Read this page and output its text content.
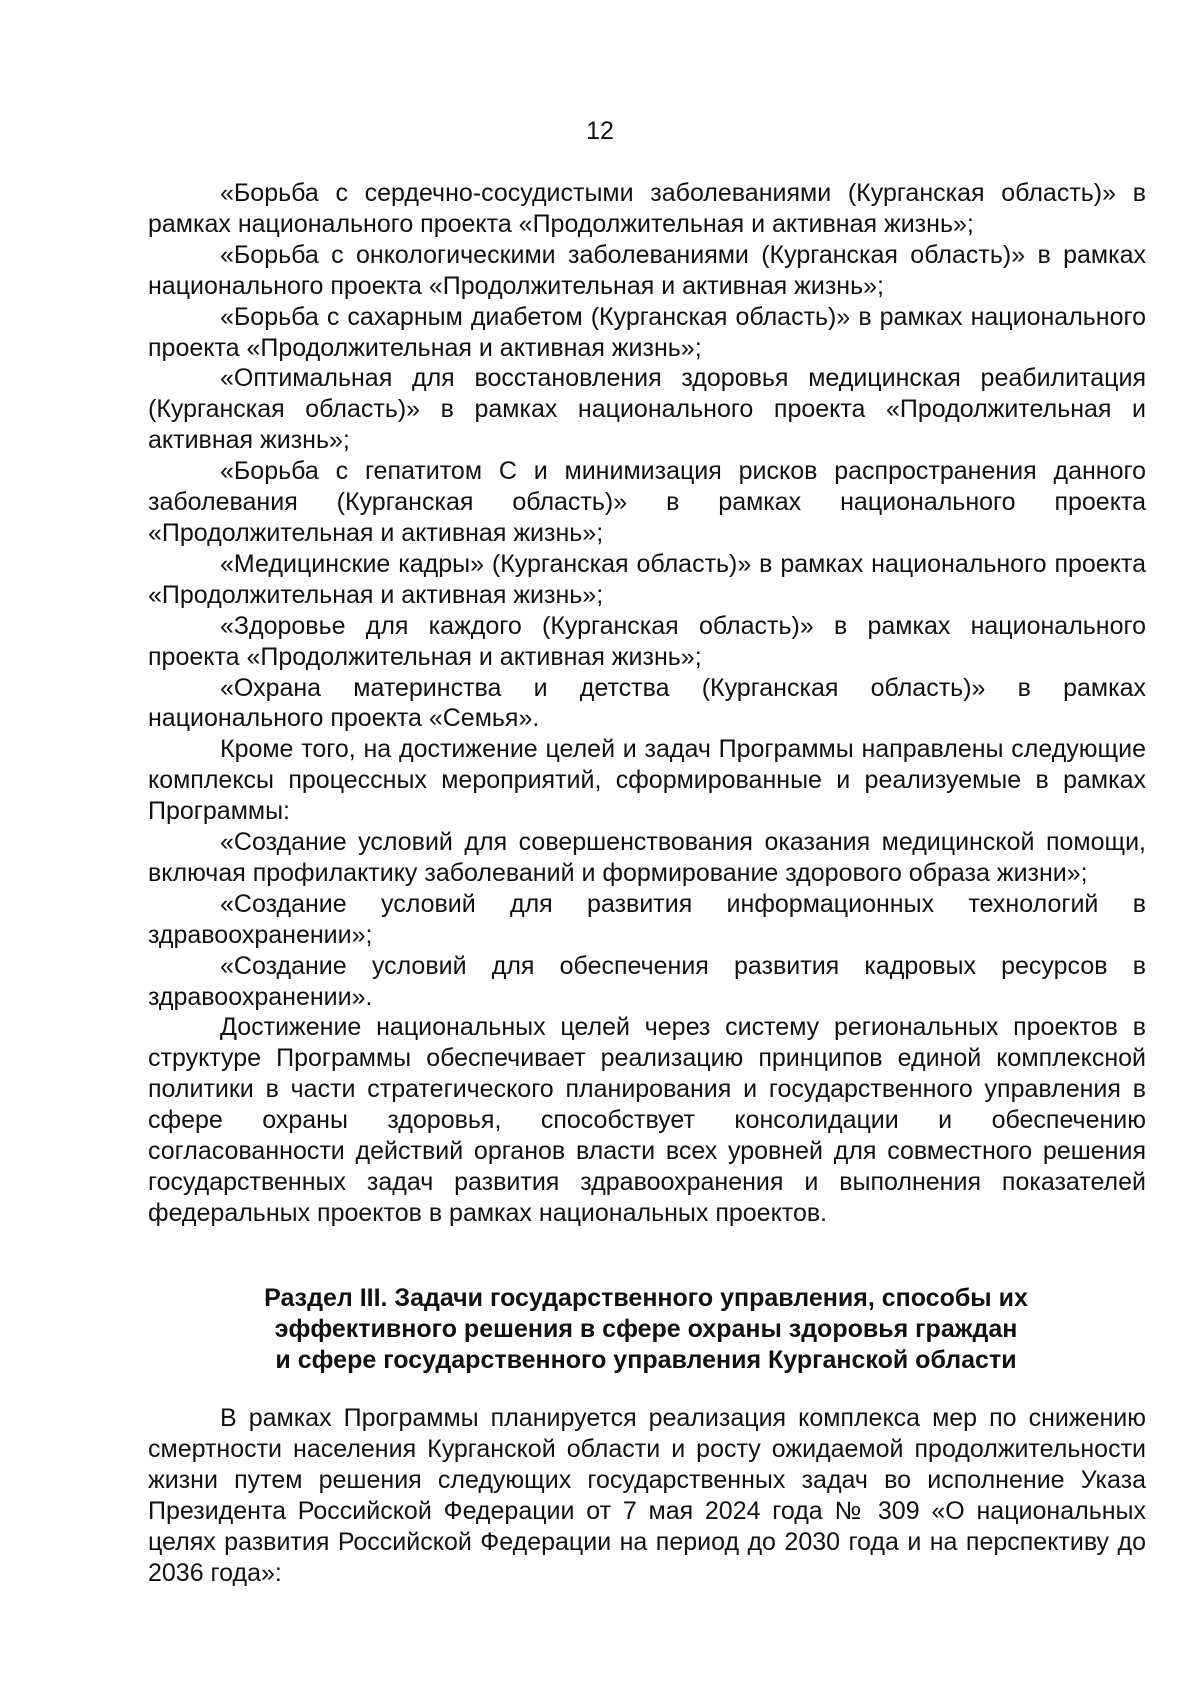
12

«Борьба с сердечно-сосудистыми заболеваниями (Курганская область)» в рамках национального проекта «Продолжительная и активная жизнь»;

«Борьба с онкологическими заболеваниями (Курганская область)» в рамках национального проекта «Продолжительная и активная жизнь»;

«Борьба с сахарным диабетом (Курганская область)» в рамках национального проекта «Продолжительная и активная жизнь»;

«Оптимальная для восстановления здоровья медицинская реабилитация (Курганская область)» в рамках национального проекта «Продолжительная и активная жизнь»;

«Борьба с гепатитом С и минимизация рисков распространения данного заболевания (Курганская область)» в рамках национального проекта «Продолжительная и активная жизнь»;

«Медицинские кадры» (Курганская область)» в рамках национального проекта «Продолжительная и активная жизнь»;

«Здоровье для каждого (Курганская область)» в рамках национального проекта «Продолжительная и активная жизнь»;

«Охрана материнства и детства (Курганская область)» в рамках национального проекта «Семья».

Кроме того, на достижение целей и задач Программы направлены следующие комплексы процессных мероприятий, сформированные и реализуемые в рамках Программы:

«Создание условий для совершенствования оказания медицинской помощи, включая профилактику заболеваний и формирование здорового образа жизни»;

«Создание условий для развития информационных технологий в здравоохранении»;

«Создание условий для обеспечения развития кадровых ресурсов в здравоохранении».

Достижение национальных целей через систему региональных проектов в структуре Программы обеспечивает реализацию принципов единой комплексной политики в части стратегического планирования и государственного управления в сфере охраны здоровья, способствует консолидации и обеспечению согласованности действий органов власти всех уровней для совместного решения государственных задач развития здравоохранения и выполнения показателей федеральных проектов в рамках национальных проектов.

Раздел III. Задачи государственного управления, способы их
эффективного решения в сфере охраны здоровья граждан
и сфере государственного управления Курганской области

В рамках Программы планируется реализация комплекса мер по снижению смертности населения Курганской области и росту ожидаемой продолжительности жизни путем решения следующих государственных задач во исполнение Указа Президента Российской Федерации от 7 мая 2024 года № 309 «О национальных целях развития Российской Федерации на период до 2030 года и на перспективу до 2036 года»:
